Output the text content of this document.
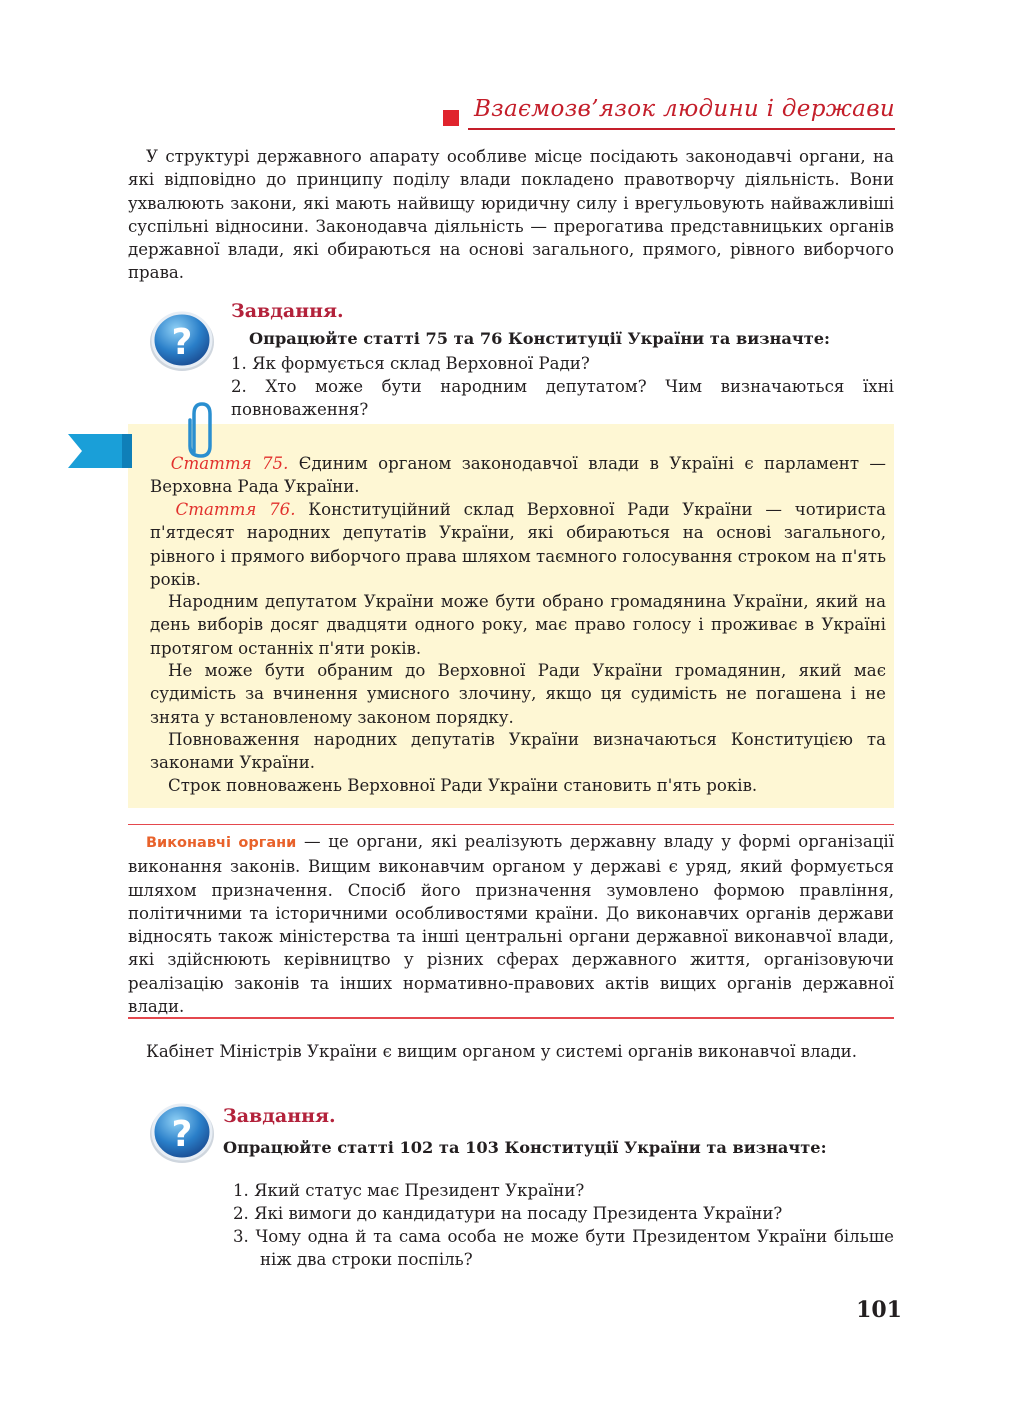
Взаємозв’язок людини і держави

У структурі державного апарату особливе місце посідають законодавчі органи, на які відповідно до принципу поділу влади покладено правотворчу діяльність. Вони ухвалюють закони, які мають найвищу юридичну силу і врегульовують найважливіші суспільні відносини. Законодавча діяльність — прерогатива представницьких органів державної влади, які обираються на основі загального, прямого, рівного виборчого права.

?
Завдання.
Опрацюйте статті 75 та 76 Конституції України та визначте:

1. Як формується склад Верховної Ради?

2. Хто може бути народним депутатом? Чим визначаються їхні повноваження?

Стаття 75. Єдиним органом законодавчої влади в Україні є парламент — Верховна Рада України.

Стаття 76. Конституційний склад Верховної Ради України — чотириста п'ятдесят народних депутатів України, які обираються на основі загального, рівного і прямого виборчого права шляхом таємного голосування строком на п'ять років.

Народним депутатом України може бути обрано громадянина України, який на день виборів досяг двадцяти одного року, має право голосу і проживає в Україні протягом останніх п'яти років.

Не може бути обраним до Верховної Ради України громадянин, який має судимість за вчинення умисного злочину, якщо ця судимість не погашена і не знята у встановленому законом порядку.

Повноваження народних депутатів України визначаються Конституцією та законами України.

Строк повноважень Верховної Ради України становить п'ять років.

Виконавчі органи — це органи, які реалізують державну владу у формі організації виконання законів. Вищим виконавчим органом у державі є уряд, який формується шляхом призначення. Спосіб його призначення зумовлено формою правління, політичними та історичними особливостями країни. До виконавчих органів держави відносять також міністерства та інші центральні органи державної виконавчої влади, які здійснюють керівництво у різних сферах державного життя, організовуючи реалізацію законів та інших нормативно-правових актів вищих органів державної влади.

Кабінет Міністрів України є вищим органом у системі органів виконавчої влади.

? Завдання.
Опрацюйте статті 102 та 103 Конституції України та визначте:

1. Який статус має Президент України?

2. Які вимоги до кандидатури на посаду Президента України?

3. Чому одна й та сама особа не може бути Президентом України більше ніж два строки поспіль?

101
